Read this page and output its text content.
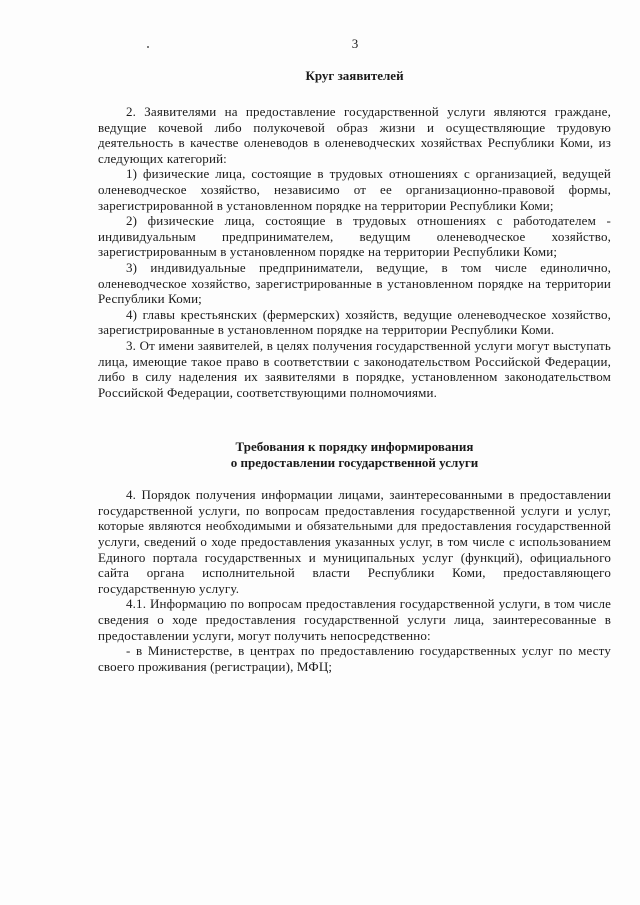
3
Круг заявителей

2. Заявителями на предоставление государственной услуги являются граждане, ведущие кочевой либо полукочевой образ жизни и осуществляющие трудовую деятельность в качестве оленеводов в оленеводческих хозяйствах Республики Коми, из следующих категорий:

1) физические лица, состоящие в трудовых отношениях с организацией, ведущей оленеводческое хозяйство, независимо от ее организационно-правовой формы, зарегистрированной в установленном порядке на территории Республики Коми;

2) физические лица, состоящие в трудовых отношениях с работодателем - индивидуальным предпринимателем, ведущим оленеводческое хозяйство, зарегистрированным в установленном порядке на территории Республики Коми;

3) индивидуальные предприниматели, ведущие, в том числе единолично, оленеводческое хозяйство, зарегистрированные в установленном порядке на территории Республики Коми;

4) главы крестьянских (фермерских) хозяйств, ведущие оленеводческое хозяйство, зарегистрированные в установленном порядке на территории Республики Коми.

3. От имени заявителей, в целях получения государственной услуги могут выступать лица, имеющие такое право в соответствии с законодательством Российской Федерации, либо в силу наделения их заявителями в порядке, установленном законодательством Российской Федерации, соответствующими полномочиями.

Требования к порядку информирования
о предоставлении государственной услуги

4. Порядок получения информации лицами, заинтересованными в предоставлении государственной услуги, по вопросам предоставления государственной услуги и услуг, которые являются необходимыми и обязательными для предоставления государственной услуги, сведений о ходе предоставления указанных услуг, в том числе с использованием Единого портала государственных и муниципальных услуг (функций), официального сайта органа исполнительной власти Республики Коми, предоставляющего государственную услугу.

4.1. Информацию по вопросам предоставления государственной услуги, в том числе сведения о ходе предоставления государственной услуги лица, заинтересованные в предоставлении услуги, могут получить непосредственно:

- в Министерстве, в центрах по предоставлению государственных услуг по месту своего проживания (регистрации), МФЦ;
